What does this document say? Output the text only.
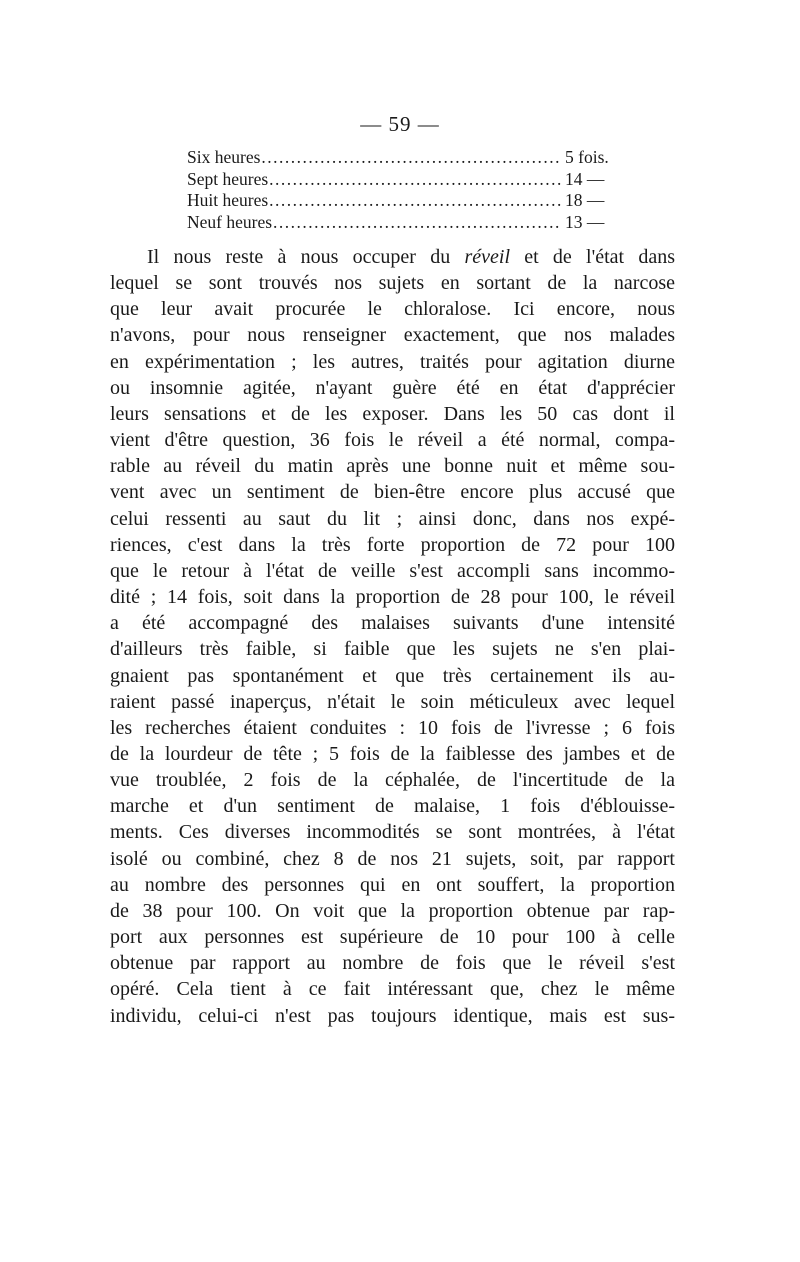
— 59 —
Six heures .....	5 fois.
Sept heures .....	14 —
Huit heures .....	18 —
Neuf heures .....	13 —
Il nous reste à nous occuper du réveil et de l'état dans
lequel se sont trouvés nos sujets en sortant de la narcose
que leur avait procurée le chloralose. Ici encore, nous
n'avons, pour nous renseigner exactement, que nos malades
en expérimentation ; les autres, traités pour agitation diurne
ou insomnie agitée, n'ayant guère été en état d'apprécier
leurs sensations et de les exposer. Dans les 50 cas dont il
vient d'être question, 36 fois le réveil a été normal, compa-
rable au réveil du matin après une bonne nuit et même sou-
vent avec un sentiment de bien-être encore plus accusé que
celui ressenti au saut du lit ; ainsi donc, dans nos expé-
riences, c'est dans la très forte proportion de 72 pour 100
que le retour à l'état de veille s'est accompli sans incommo-
dité ; 14 fois, soit dans la proportion de 28 pour 100, le réveil
a été accompagné des malaises suivants d'une intensité
d'ailleurs très faible, si faible que les sujets ne s'en plai-
gnaient pas spontanément et que très certainement ils au-
raient passé inaperçus, n'était le soin méticuleux avec lequel
les recherches étaient conduites : 10 fois de l'ivresse ; 6 fois
de la lourdeur de tête ; 5 fois de la faiblesse des jambes et de
vue troublée, 2 fois de la céphalée, de l'incertitude de la
marche et d'un sentiment de malaise, 1 fois d'éblouisse-
ments. Ces diverses incommodités se sont montrées, à l'état
isolé ou combiné, chez 8 de nos 21 sujets, soit, par rapport
au nombre des personnes qui en ont souffert, la proportion
de 38 pour 100. On voit que la proportion obtenue par rap-
port aux personnes est supérieure de 10 pour 100 à celle
obtenue par rapport au nombre de fois que le réveil s'est
opéré. Cela tient à ce fait intéressant que, chez le même
individu, celui-ci n'est pas toujours identique, mais est sus-
